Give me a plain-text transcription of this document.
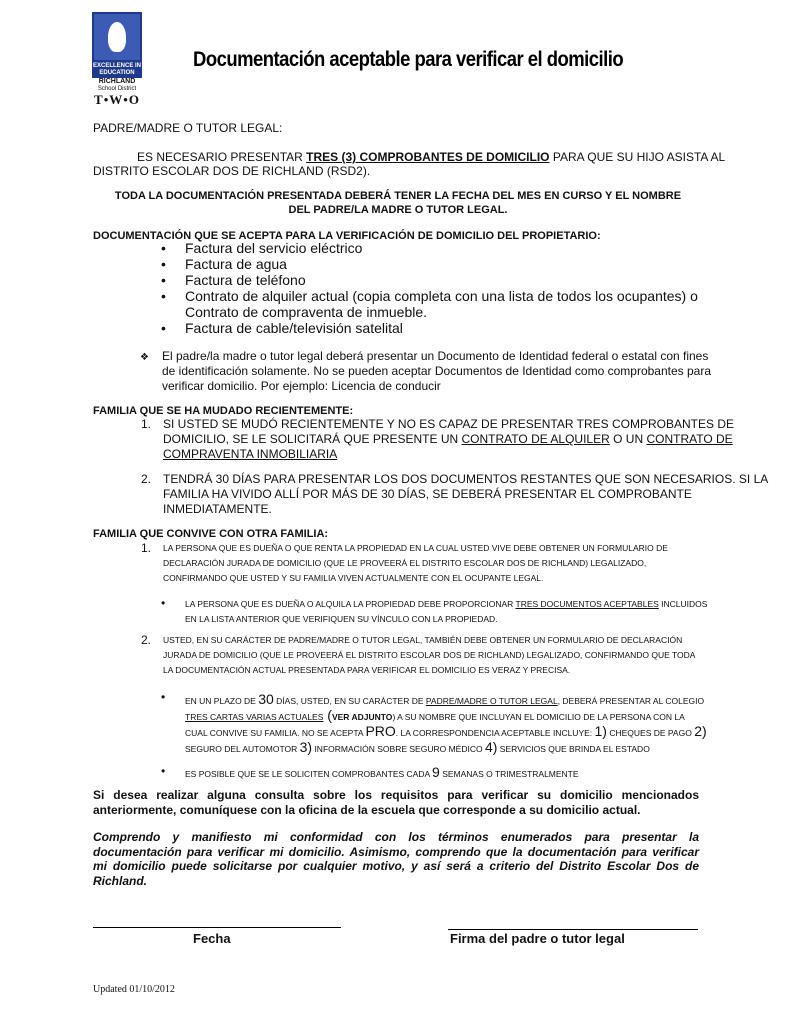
EXCELLENCE IN EDUCATION
RICHLAND
School District
T•W•O
Documentación aceptable para verificar el domicilio
PADRE/MADRE O TUTOR LEGAL:
ES NECESARIO PRESENTAR TRES (3) COMPROBANTES DE DOMICILIO PARA QUE SU HIJO ASISTA AL
DISTRITO ESCOLAR DOS DE RICHLAND (RSD2).
TODA LA DOCUMENTACIÓN PRESENTADA DEBERÁ TENER LA FECHA DEL MES EN CURSO Y EL NOMBRE
DEL PADRE/LA MADRE O TUTOR LEGAL.
DOCUMENTACIÓN QUE SE ACEPTA PARA LA VERIFICACIÓN DE DOMICILIO DEL PROPIETARIO:
•	Factura del servicio eléctrico
•	Factura de agua
•	Factura de teléfono
•	Contrato de alquiler actual (copia completa con una lista de todos los ocupantes) o
Contrato de compraventa de inmueble.
•	Factura de cable/televisión satelital
❖ El padre/la madre o tutor legal deberá presentar un Documento de Identidad federal o estatal con fines
de identificación solamente. No se pueden aceptar Documentos de Identidad como comprobantes para
verificar domicilio. Por ejemplo: Licencia de conducir
FAMILIA QUE SE HA MUDADO RECIENTEMENTE:
1. SI USTED SE MUDÓ RECIENTEMENTE Y NO ES CAPAZ DE PRESENTAR TRES COMPROBANTES DE
DOMICILIO, SE LE SOLICITARÁ QUE PRESENTE UN CONTRATO DE ALQUILER O UN CONTRATO DE
COMPRAVENTA INMOBILIARIA
2. TENDRÁ 30 DÍAS PARA PRESENTAR LOS DOS DOCUMENTOS RESTANTES QUE SON NECESARIOS. SI LA
FAMILIA HA VIVIDO ALLÍ POR MÁS DE 30 DÍAS, SE DEBERÁ PRESENTAR EL COMPROBANTE
INMEDIATAMENTE.
FAMILIA QUE CONVIVE CON OTRA FAMILIA:
1.	LA PERSONA QUE ES DUEÑA O QUE RENTA LA PROPIEDAD EN LA CUAL USTED VIVE DEBE OBTENER UN FORMULARIO DE
DECLARACIÓN JURADA DE DOMICILIO (QUE LE PROVEERÁ EL DISTRITO ESCOLAR DOS DE RICHLAND) LEGALIZADO,
CONFIRMANDO QUE USTED Y SU FAMILIA VIVEN ACTUALMENTE CON EL OCUPANTE LEGAL.
• LA PERSONA QUE ES DUEÑA O ALQUILA LA PROPIEDAD DEBE PROPORCIONAR TRES DOCUMENTOS ACEPTABLES INCLUIDOS
EN LA LISTA ANTERIOR QUE VERIFIQUEN SU VÍNCULO CON LA PROPIEDAD.
2.	USTED, EN SU CARÁCTER DE PADRE/MADRE O TUTOR LEGAL, TAMBIÉN DEBE OBTENER UN FORMULARIO DE DECLARACIÓN
JURADA DE DOMICILIO (QUE LE PROVEERÁ EL DISTRITO ESCOLAR DOS DE RICHLAND) LEGALIZADO, CONFIRMANDO QUE TODA
LA DOCUMENTACIÓN ACTUAL PRESENTADA PARA VERIFICAR EL DOMICILIO ES VERAZ Y PRECISA.
• EN UN PLAZO DE 30 DÍAS, USTED, EN SU CARÁCTER DE PADRE/MADRE O TUTOR LEGAL, DEBERÁ PRESENTAR AL COLEGIO
TRES CARTAS VARIAS ACTUALES (VER ADJUNTO) A SU NOMBRE QUE INCLUYAN EL DOMICILIO DE LA PERSONA CON LA
CUAL CONVIVE SU FAMILIA. NO SE ACEPTA PRO. LA CORRESPONDENCIA ACEPTABLE INCLUYE: 1) CHEQUES DE PAGO 2)
SEGURO DEL AUTOMOTOR 3) INFORMACIÓN SOBRE SEGURO MÉDICO 4) SERVICIOS QUE BRINDA EL ESTADO
• ES POSIBLE QUE SE LE SOLICITEN COMPROBANTES CADA 9 SEMANAS O TRIMESTRALMENTE
Si desea realizar alguna consulta sobre los requisitos para verificar su domicilio mencionados
anteriormente, comuníquese con la oficina de la escuela que corresponde a su domicilio actual.
Comprendo y manifiesto mi conformidad con los términos enumerados para presentar la
documentación para verificar mi domicilio. Asimismo, comprendo que la documentación para verificar
mi domicilio puede solicitarse por cualquier motivo, y así será a criterio del Distrito Escolar Dos de
Richland.
Fecha	Firma del padre o tutor legal
Updated 01/10/2012
